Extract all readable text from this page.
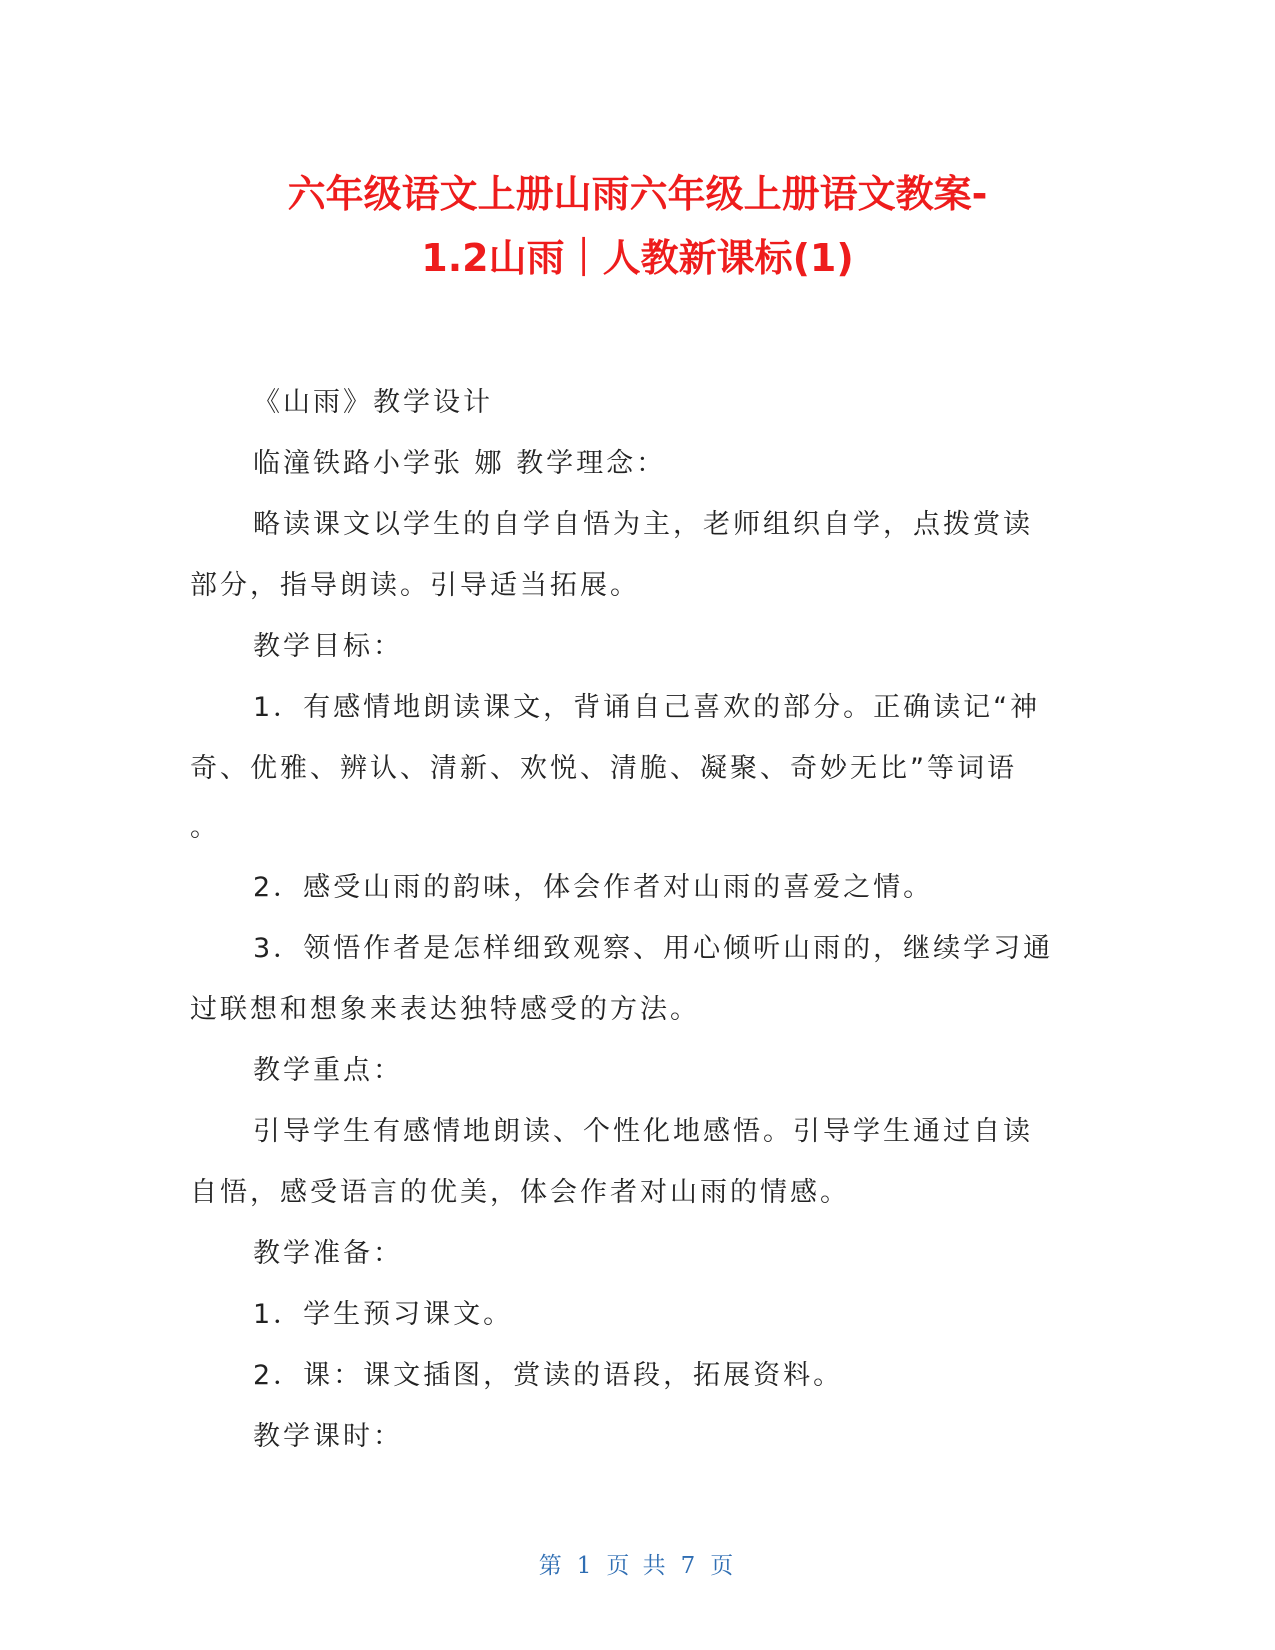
六年级语文上册山雨六年级上册语文教案-
1.2山雨｜人教新课标(1)

《山雨》教学设计

临潼铁路小学张 娜 教学理念：

略读课文以学生的自学自悟为主，老师组织自学，点拨赏读

部分，指导朗读。引导适当拓展。

教学目标：

1．有感情地朗读课文，背诵自己喜欢的部分。正确读记“神

奇、优雅、辨认、清新、欢悦、清脆、凝聚、奇妙无比”等词语

。

2．感受山雨的韵味，体会作者对山雨的喜爱之情。

3．领悟作者是怎样细致观察、用心倾听山雨的，继续学习通

过联想和想象来表达独特感受的方法。

教学重点：

引导学生有感情地朗读、个性化地感悟。引导学生通过自读

自悟，感受语言的优美，体会作者对山雨的情感。

教学准备：

1．学生预习课文。

2．课：课文插图，赏读的语段，拓展资料。

教学课时：

第 1 页 共 7 页
